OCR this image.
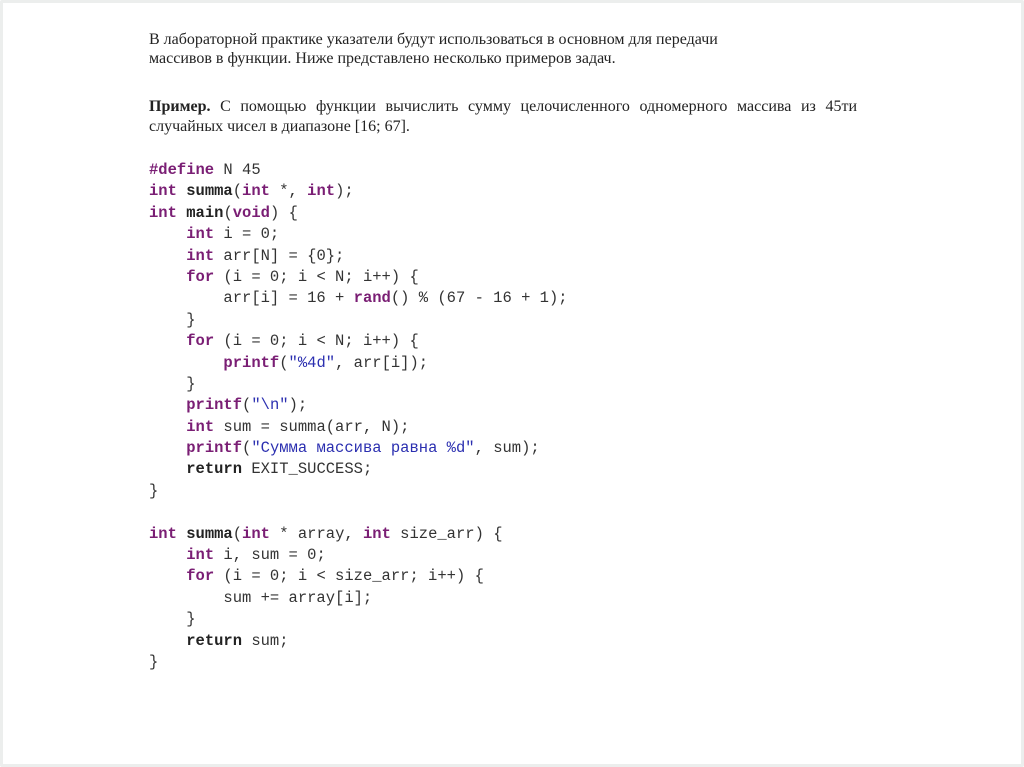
В лабораторной практике указатели будут использоваться в основном для передачи
массивов в функции. Ниже представлено несколько примеров задач.
Пример. С помощью функции вычислить сумму целочисленного одномерного массива из 45ти случайных чисел в диапазоне [16; 67].
#define N 45
int summa(int *, int);
int main(void) {
int i = 0;
int arr[N] = {0};
for (i = 0; i < N; i++) {
arr[i] = 16 + rand() % (67 - 16 + 1);
}
for (i = 0; i < N; i++) {
printf("%4d", arr[i]);
}
printf("\n");
int sum = summa(arr, N);
printf("Сумма массива равна %d", sum);
return EXIT_SUCCESS;
}
int summa(int * array, int size_arr) {
int i, sum = 0;
for (i = 0; i < size_arr; i++) {
sum += array[i];
}
return sum;
}
